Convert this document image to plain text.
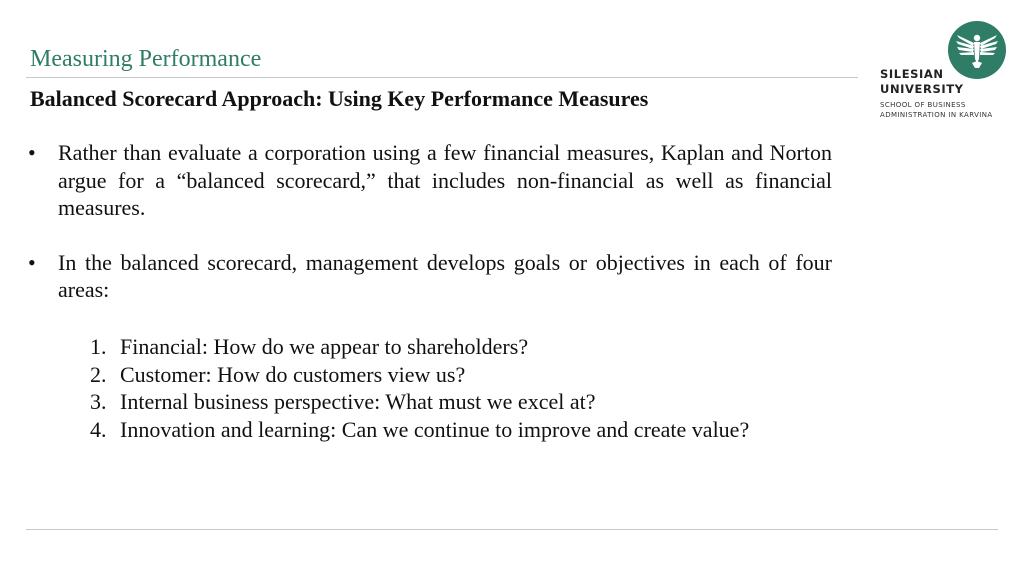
Measuring Performance
Balanced Scorecard Approach: Using Key Performance Measures
• Rather than evaluate a corporation using a few financial measures, Kaplan and Norton argue for a “balanced scorecard,” that includes non-financial as well as financial measures.
• In the balanced scorecard, management develops goals or objectives in each of four areas:
1. Financial: How do we appear to shareholders?
2. Customer: How do customers view us?
3. Internal business perspective: What must we excel at?
4. Innovation and learning: Can we continue to improve and create value?
SILESIAN
UNIVERSITY
SCHOOL OF BUSINESS
ADMINISTRATION IN KARVINA
